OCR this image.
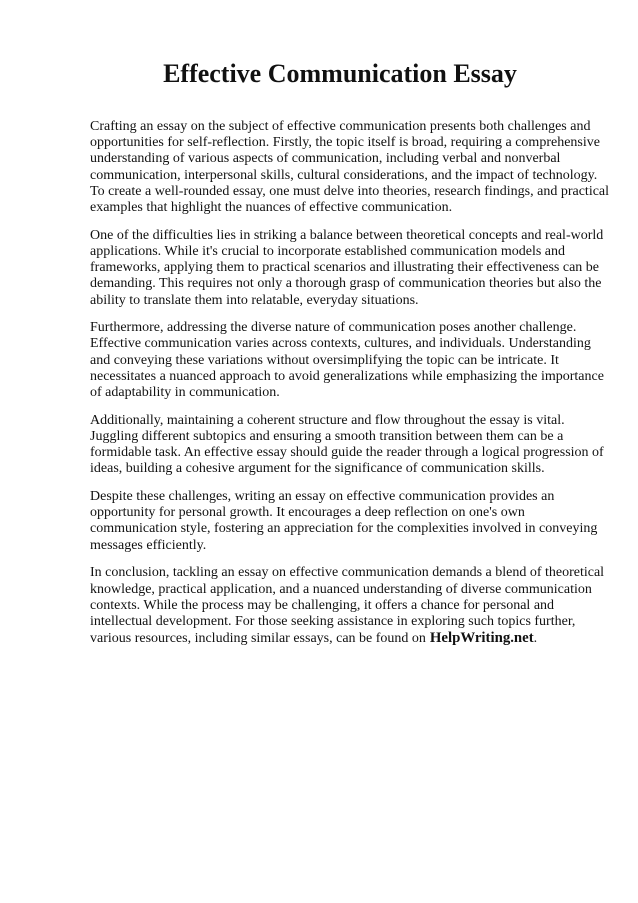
Effective Communication Essay

Crafting an essay on the subject of effective communication presents both challenges and opportunities for self-reflection. Firstly, the topic itself is broad, requiring a comprehensive understanding of various aspects of communication, including verbal and nonverbal communication, interpersonal skills, cultural considerations, and the impact of technology. To create a well-rounded essay, one must delve into theories, research findings, and practical examples that highlight the nuances of effective communication.

One of the difficulties lies in striking a balance between theoretical concepts and real-world applications. While it's crucial to incorporate established communication models and frameworks, applying them to practical scenarios and illustrating their effectiveness can be demanding. This requires not only a thorough grasp of communication theories but also the ability to translate them into relatable, everyday situations.

Furthermore, addressing the diverse nature of communication poses another challenge. Effective communication varies across contexts, cultures, and individuals. Understanding and conveying these variations without oversimplifying the topic can be intricate. It necessitates a nuanced approach to avoid generalizations while emphasizing the importance of adaptability in communication.

Additionally, maintaining a coherent structure and flow throughout the essay is vital. Juggling different subtopics and ensuring a smooth transition between them can be a formidable task. An effective essay should guide the reader through a logical progression of ideas, building a cohesive argument for the significance of communication skills.

Despite these challenges, writing an essay on effective communication provides an opportunity for personal growth. It encourages a deep reflection on one's own communication style, fostering an appreciation for the complexities involved in conveying messages efficiently.

In conclusion, tackling an essay on effective communication demands a blend of theoretical knowledge, practical application, and a nuanced understanding of diverse communication contexts. While the process may be challenging, it offers a chance for personal and intellectual development. For those seeking assistance in exploring such topics further, various resources, including similar essays, can be found on HelpWriting.net.
